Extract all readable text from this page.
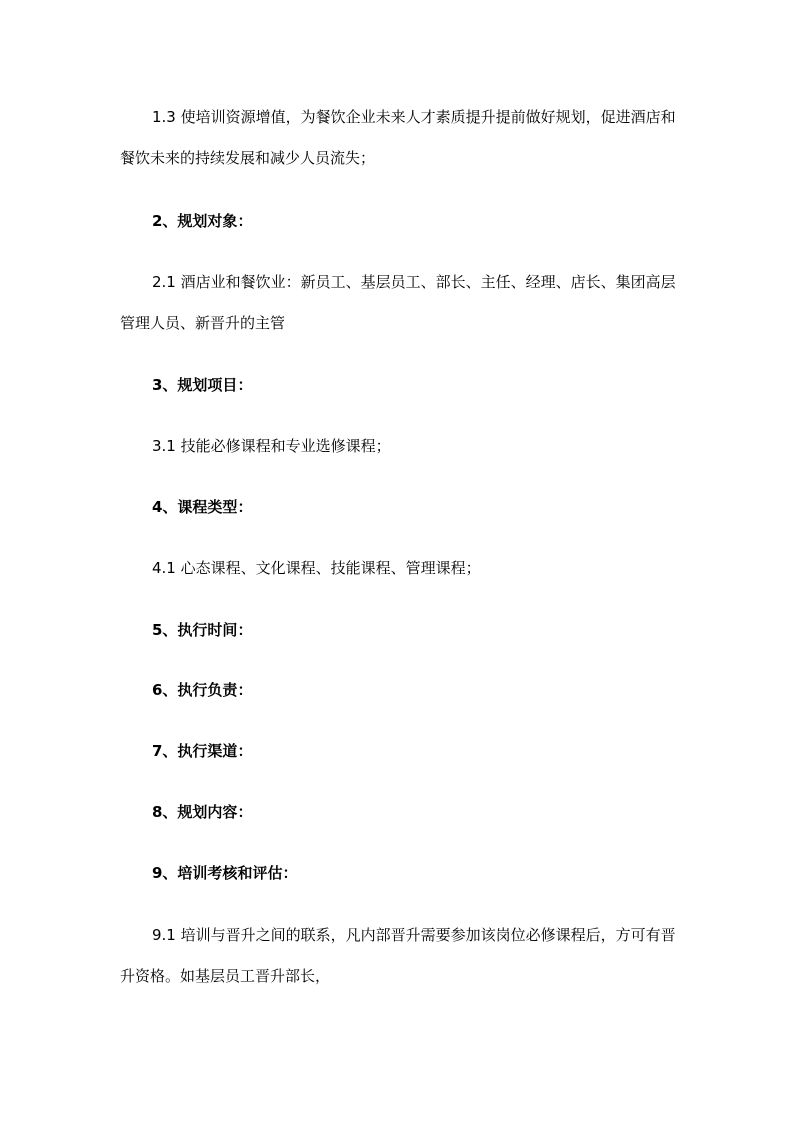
1.3 使培训资源增值，为餐饮企业未来人才素质提升提前做好规划，促进酒店和餐饮未来的持续发展和减少人员流失；
2、规划对象：
2.1 酒店业和餐饮业：新员工、基层员工、部长、主任、经理、店长、集团高层管理人员、新晋升的主管
3、规划项目：
3.1 技能必修课程和专业选修课程；
4、课程类型：
4.1 心态课程、文化课程、技能课程、管理课程；
5、执行时间：
6、执行负责：
7、执行渠道：
8、规划内容：
9、培训考核和评估：
9.1 培训与晋升之间的联系，凡内部晋升需要参加该岗位必修课程后，方可有晋升资格。如基层员工晋升部长，
